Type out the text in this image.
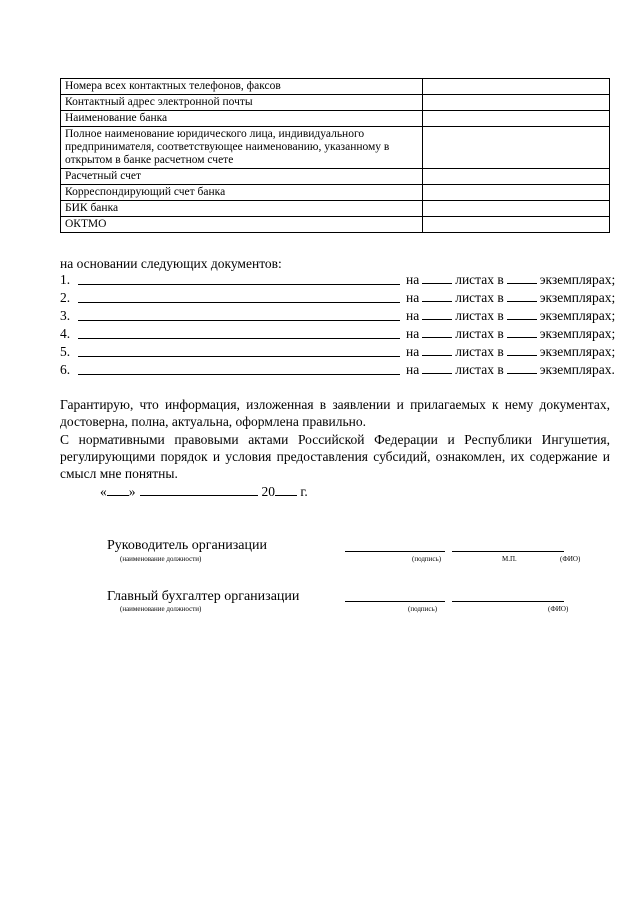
Номера всех контактных телефонов, факсов	
Контактный адрес электронной почты	
Наименование банка	
Полное наименование юридического лица, индивидуального предпринимателя, соответствующее наименованию, указанному в открытом в банке расчетном счете	
Расчетный счет	
Корреспондирующий счет банка	
БИК банка	
ОКТМО	
на основании следующих документов:
1.	на	листах в	экземплярах;
2.	на	листах в	экземплярах;
3.	на	листах в	экземплярах;
4.	на	листах в	экземплярах;
5.	на	листах в	экземплярах;
6.	на	листах в	экземплярах.
Гарантирую, что информация, изложенная в заявлении и прилагаемых к нему документах, достоверна, полна, актуальна, оформлена правильно.
С нормативными правовыми актами Российской Федерации и Республики Ингушетия, регулирующими порядок и условия предоставления субсидий, ознакомлен, их содержание и смысл мне понятны.
« »	20 г.
Руководитель организации
(наименование должности)	(подпись)	М.П.	(ФИО)
Главный бухгалтер организации
(наименование должности)	(подпись)	(ФИО)
